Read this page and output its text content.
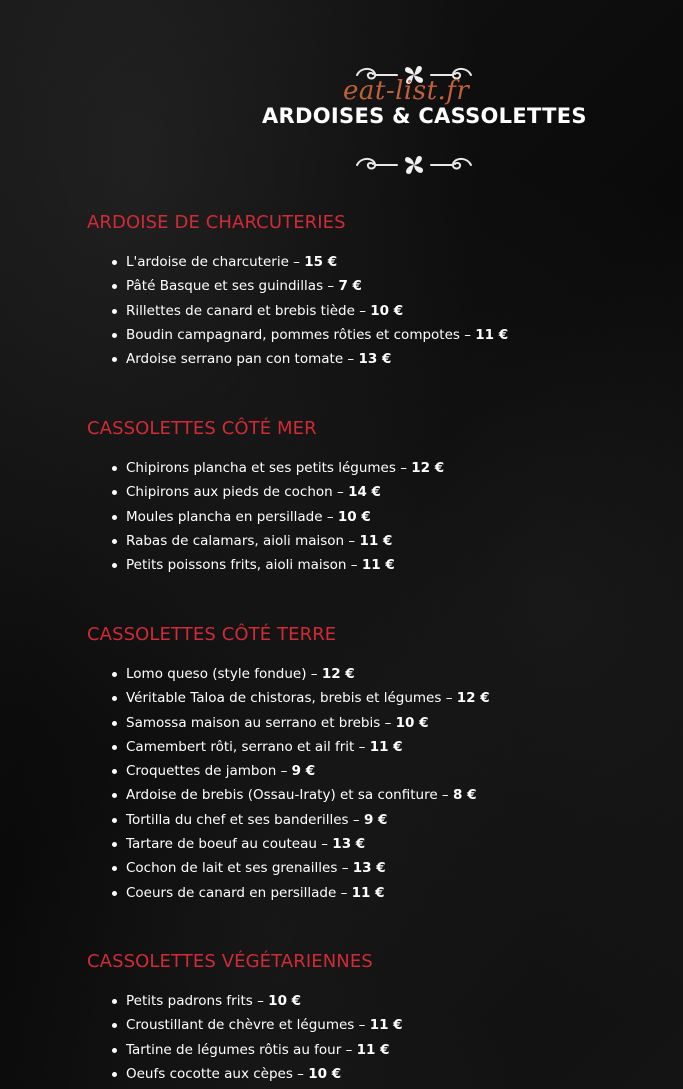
eat-list.fr
ARDOISES & CASSOLETTES
ARDOISE DE CHARCUTERIES
L'ardoise de charcuterie – 15 €
Pâté Basque et ses guindillas – 7 €
Rillettes de canard et brebis tiède – 10 €
Boudin campagnard, pommes rôties et compotes – 11 €
Ardoise serrano pan con tomate – 13 €
CASSOLETTES CÔTÉ MER
Chipirons plancha et ses petits légumes – 12 €
Chipirons aux pieds de cochon – 14 €
Moules plancha en persillade – 10 €
Rabas de calamars, aioli maison – 11 €
Petits poissons frits, aioli maison – 11 €
CASSOLETTES CÔTÉ TERRE
Lomo queso (style fondue) – 12 €
Véritable Taloa de chistoras, brebis et légumes – 12 €
Samossa maison au serrano et brebis – 10 €
Camembert rôti, serrano et ail frit – 11 €
Croquettes de jambon – 9 €
Ardoise de brebis (Ossau-Iraty) et sa confiture – 8 €
Tortilla du chef et ses banderilles – 9 €
Tartare de boeuf au couteau – 13 €
Cochon de lait et ses grenailles – 13 €
Coeurs de canard en persillade – 11 €
CASSOLETTES VÉGÉTARIENNES
Petits padrons frits – 10 €
Croustillant de chèvre et légumes – 11 €
Tartine de légumes rôtis au four – 11 €
Oeufs cocotte aux cèpes – 10 €
